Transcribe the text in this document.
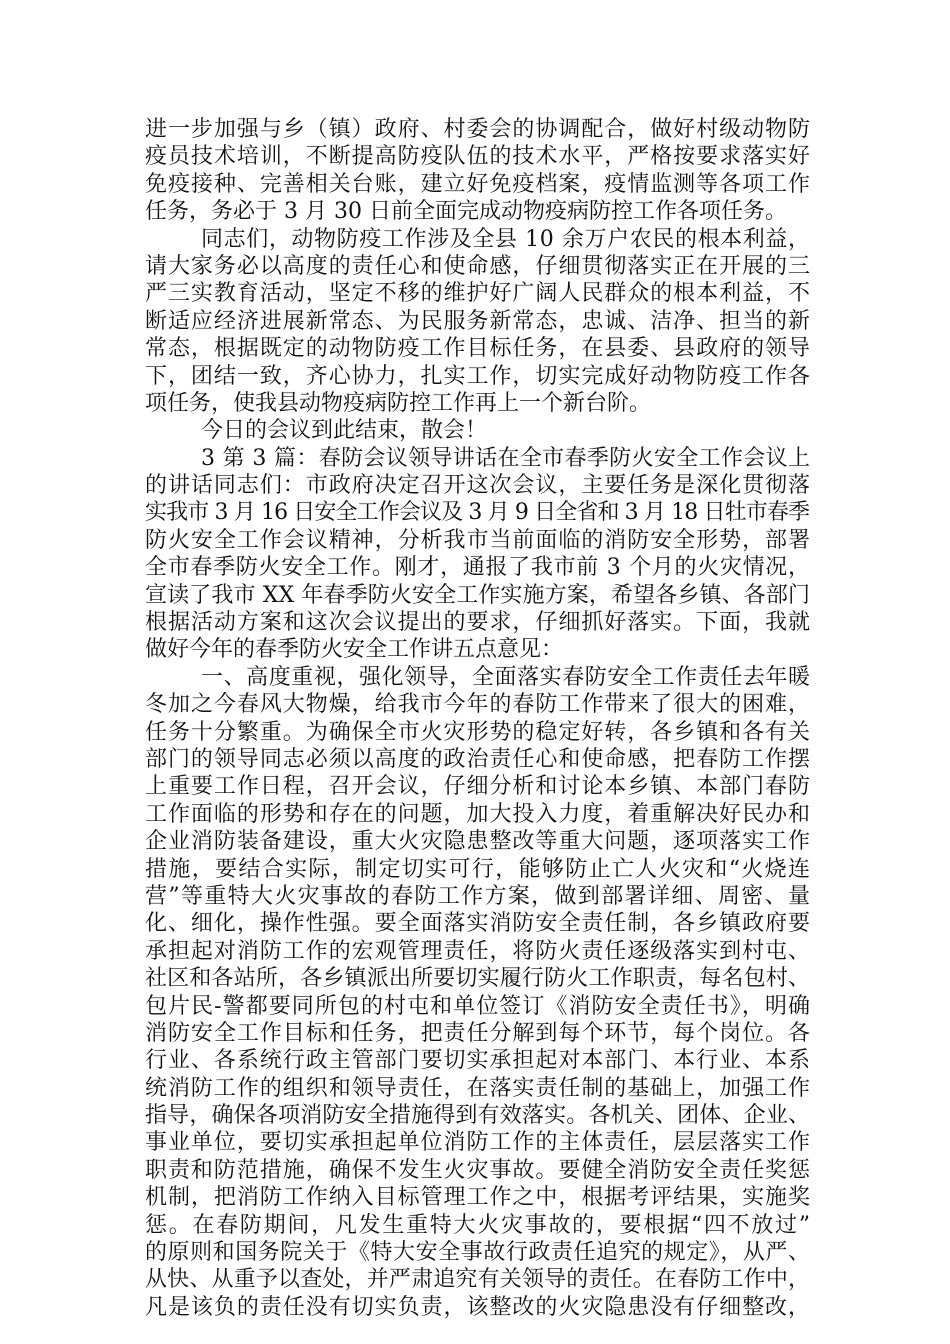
进一步加强与乡（镇）政府、村委会的协调配合，做好村级动物防
疫员技术培训，不断提高防疫队伍的技术水平，严格按要求落实好
免疫接种、完善相关台账，建立好免疫档案，疫情监测等各项工作
任务，务必于 3 月 30 日前全面完成动物疫病防控工作各项任务。
同志们，动物防疫工作涉及全县 10 余万户农民的根本利益，
请大家务必以高度的责任心和使命感，仔细贯彻落实正在开展的三
严三实教育活动，坚定不移的维护好广阔人民群众的根本利益，不
断适应经济进展新常态、为民服务新常态，忠诚、洁净、担当的新
常态，根据既定的动物防疫工作目标任务，在县委、县政府的领导
下，团结一致，齐心协力，扎实工作，切实完成好动物防疫工作各
项任务，使我县动物疫病防控工作再上一个新台阶。
今日的会议到此结束，散会！
3 第 3 篇：春防会议领导讲话在全市春季防火安全工作会议上
的讲话同志们：市政府决定召开这次会议，主要任务是深化贯彻落
实我市 3 月 16 日安全工作会议及 3 月 9 日全省和 3 月 18 日牡市春季
防火安全工作会议精神，分析我市当前面临的消防安全形势，部署
全市春季防火安全工作。刚才，通报了我市前 3 个月的火灾情况，
宣读了我市 XX 年春季防火安全工作实施方案，希望各乡镇、各部门
根据活动方案和这次会议提出的要求，仔细抓好落实。下面，我就
做好今年的春季防火安全工作讲五点意见：
一、高度重视，强化领导，全面落实春防安全工作责任去年暖
冬加之今春风大物燥，给我市今年的春防工作带来了很大的困难，
任务十分繁重。为确保全市火灾形势的稳定好转，各乡镇和各有关
部门的领导同志必须以高度的政治责任心和使命感，把春防工作摆
上重要工作日程，召开会议，仔细分析和讨论本乡镇、本部门春防
工作面临的形势和存在的问题，加大投入力度，着重解决好民办和
企业消防装备建设，重大火灾隐患整改等重大问题，逐项落实工作
措施，要结合实际，制定切实可行，能够防止亡人火灾和“火烧连
营”等重特大火灾事故的春防工作方案，做到部署详细、周密、量
化、细化，操作性强。要全面落实消防安全责任制，各乡镇政府要
承担起对消防工作的宏观管理责任，将防火责任逐级落实到村屯、
社区和各站所，各乡镇派出所要切实履行防火工作职责，每名包村、
包片民-警都要同所包的村屯和单位签订《消防安全责任书》，明确
消防安全工作目标和任务，把责任分解到每个环节，每个岗位。各
行业、各系统行政主管部门要切实承担起对本部门、本行业、本系
统消防工作的组织和领导责任，在落实责任制的基础上，加强工作
指导，确保各项消防安全措施得到有效落实。各机关、团体、企业、
事业单位，要切实承担起单位消防工作的主体责任，层层落实工作
职责和防范措施，确保不发生火灾事故。要健全消防安全责任奖惩
机制，把消防工作纳入目标管理工作之中，根据考评结果，实施奖
惩。在春防期间，凡发生重特大火灾事故的，要根据“四不放过”
的原则和国务院关于《特大安全事故行政责任追究的规定》，从严、
从快、从重予以查处，并严肃追究有关领导的责任。在春防工作中，
凡是该负的责任没有切实负责，该整改的火灾隐患没有仔细整改，
